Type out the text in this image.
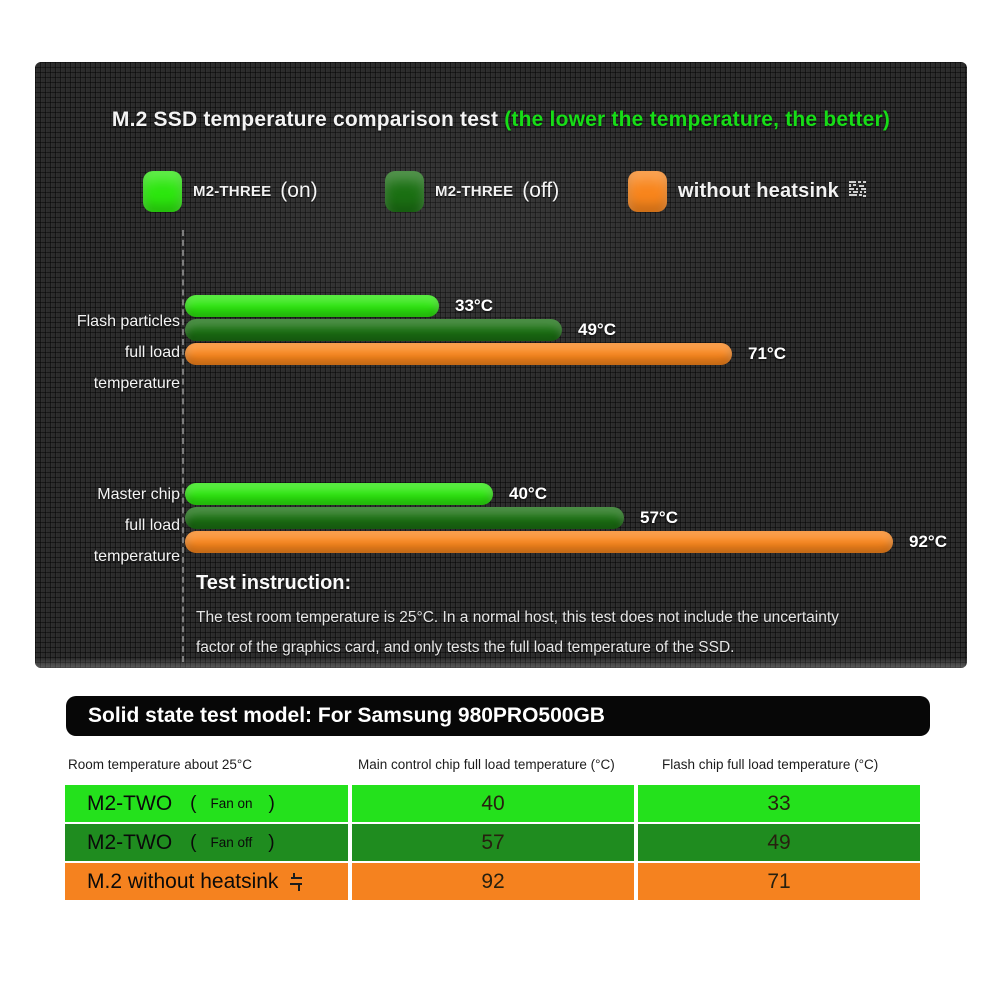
M.2 SSD temperature comparison test (the lower the temperature, the better)
M2-THREE (on)	M2-THREE (off)	without heatsink
Flash particles
full load temperature
33°C
49°C
71°C
Master chip
full load temperature
40°C
57°C
92°C
Test instruction:
The test room temperature is 25°C. In a normal host, this test does not include the uncertainty
factor of the graphics card, and only tests the full load temperature of the SSD.
Solid state test model: For Samsung 980PRO500GB
Room temperature about 25°C	Main control chip full load temperature (°C)	Flash chip full load temperature (°C)
M2-TWO ( Fan on )	40	33
M2-TWO ( Fan off )	57	49
M.2 without heatsink	92	71
